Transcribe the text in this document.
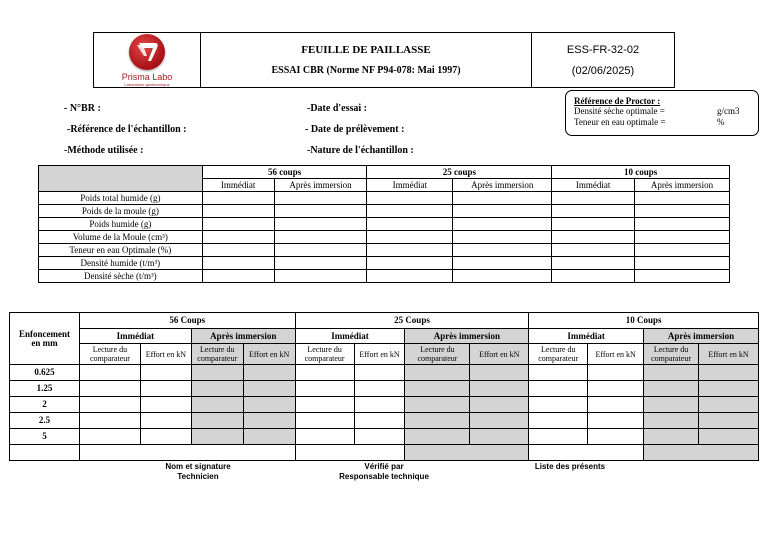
Prisma Labo
Laboratoire géotechnique

FEUILLE DE PAILLASSE
ESSAI CBR (Norme NF P94-078: Mai 1997)

ESS-FR-32-02
(02/06/2025)
- N°BR :
-Référence de l'échantillon :
-Méthode utilisée :
-Date d'essai :
- Date de prélèvement :
-Nature de l'échantillon :
Référence de Proctor :
Densité sèche optimale =	g/cm3
Teneur en eau optimale =	%
	56 coups		25 coups		10 coups	
	Immédiat	Après immersion	Immédiat	Après immersion	Immédiat	Après immersion
Poids total humide (g)						
Poids de la moule (g)						
Poids humide (g)						
Volume de la Moule (cm³)						
Teneur en eau Optimale (%)						
Densité humide (t/m³)						
Densité sèche (t/m³)						
Enfoncement en mm	56 Coups				25 Coups				10 Coups			
	Immédiat		Après immersion		Immédiat		Après immersion		Immédiat		Après immersion	
	Lecture du comparateur	Effort en kN	Lecture du comparateur	Effort en kN	Lecture du comparateur	Effort en kN	Lecture du comparateur	Effort en kN	Lecture du comparateur	Effort en kN	Lecture du comparateur	Effort en kN
0.625												
1.25												
2												
2.5												
5												

Nom et signature
Technicien
Vérifié par
Responsable technique
Liste des présents
